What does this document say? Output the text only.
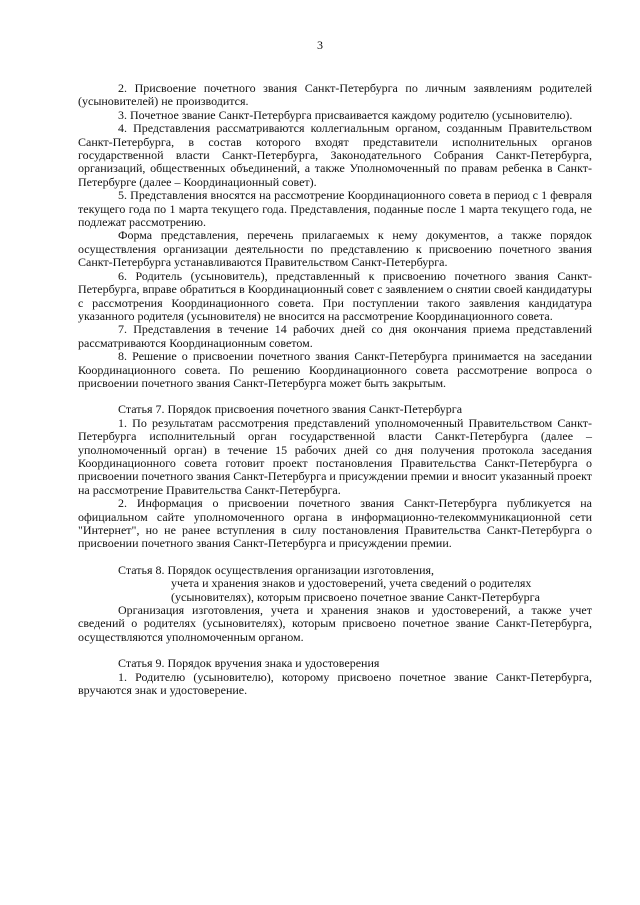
3

2. Присвоение почетного звания Санкт-Петербурга по личным заявлениям родителей (усыновителей) не производится.

3. Почетное звание Санкт-Петербурга присваивается каждому родителю (усыновителю).

4. Представления рассматриваются коллегиальным органом, созданным Правительством Санкт-Петербурга, в состав которого входят представители исполнительных органов государственной власти Санкт-Петербурга, Законодательного Собрания Санкт-Петербурга, организаций, общественных объединений, а также Уполномоченный по правам ребенка в Санкт-Петербурге (далее – Координационный совет).

5. Представления вносятся на рассмотрение Координационного совета в период с 1 февраля текущего года по 1 марта текущего года. Представления, поданные после 1 марта текущего года, не подлежат рассмотрению.

Форма представления, перечень прилагаемых к нему документов, а также порядок осуществления организации деятельности по представлению к присвоению почетного звания Санкт-Петербурга устанавливаются Правительством Санкт-Петербурга.

6. Родитель (усыновитель), представленный к присвоению почетного звания Санкт-Петербурга, вправе обратиться в Координационный совет с заявлением о снятии своей кандидатуры с рассмотрения Координационного совета. При поступлении такого заявления кандидатура указанного родителя (усыновителя) не вносится на рассмотрение Координационного совета.

7. Представления в течение 14 рабочих дней со дня окончания приема представлений рассматриваются Координационным советом.

8. Решение о присвоении почетного звания Санкт-Петербурга принимается на заседании Координационного совета. По решению Координационного совета рассмотрение вопроса о присвоении почетного звания Санкт-Петербурга может быть закрытым.

Статья 7. Порядок присвоения почетного звания Санкт-Петербурга

1. По результатам рассмотрения представлений уполномоченный Правительством Санкт-Петербурга исполнительный орган государственной власти Санкт-Петербурга (далее – уполномоченный орган) в течение 15 рабочих дней со дня получения протокола заседания Координационного совета готовит проект постановления Правительства Санкт-Петербурга о присвоении почетного звания Санкт-Петербурга и присуждении премии и вносит указанный проект на рассмотрение Правительства Санкт-Петербурга.

2. Информация о присвоении почетного звания Санкт-Петербурга публикуется на официальном сайте уполномоченного органа в информационно-телекоммуникационной сети "Интернет", но не ранее вступления в силу постановления Правительства Санкт-Петербурга о присвоении почетного звания Санкт-Петербурга и присуждении премии.

Статья 8. Порядок осуществления организации изготовления,

учета и хранения знаков и удостоверений, учета сведений о родителях

(усыновителях), которым присвоено почетное звание Санкт-Петербурга

Организация изготовления, учета и хранения знаков и удостоверений, а также учет сведений о родителях (усыновителях), которым присвоено почетное звание Санкт-Петербурга, осуществляются уполномоченным органом.

Статья 9. Порядок вручения знака и удостоверения

1. Родителю (усыновителю), которому присвоено почетное звание Санкт-Петербурга, вручаются знак и удостоверение.
